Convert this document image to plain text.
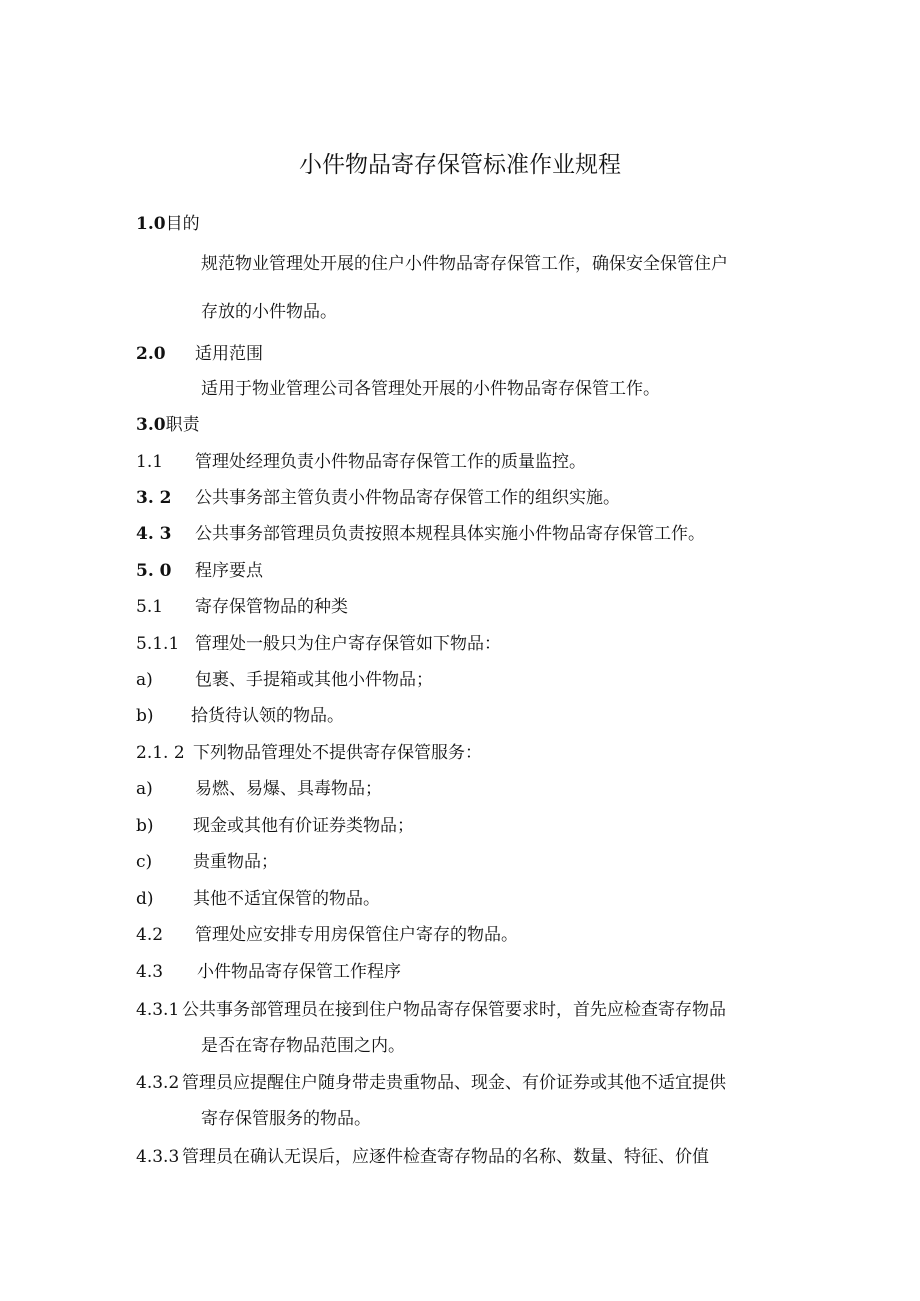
小件物品寄存保管标准作业规程
1.0目的
规范物业管理处开展的住户小件物品寄存保管工作，确保安全保管住户
存放的小件物品。
2.0 适用范围
适用于物业管理公司各管理处开展的小件物品寄存保管工作。
3.0职责
1.1 管理处经理负责小件物品寄存保管工作的质量监控。
3. 2 公共事务部主管负责小件物品寄存保管工作的组织实施。
4. 3 公共事务部管理员负责按照本规程具体实施小件物品寄存保管工作。
5. 0 程序要点
5.1 寄存保管物品的种类
5.1.1 管理处一般只为住户寄存保管如下物品：
a) 包裹、手提箱或其他小件物品；
b) 拾货待认领的物品。
2.1. 2 下列物品管理处不提供寄存保管服务：
a) 易燃、易爆、具毒物品；
b) 现金或其他有价证券类物品；
c) 贵重物品；
d) 其他不适宜保管的物品。
4.2 管理处应安排专用房保管住户寄存的物品。
4.3 小件物品寄存保管工作程序
4.3.1 公共事务部管理员在接到住户物品寄存保管要求时，首先应检查寄存物品
是否在寄存物品范围之内。
4.3.2 管理员应提醒住户随身带走贵重物品、现金、有价证券或其他不适宜提供
寄存保管服务的物品。
4.3.3 管理员在确认无误后，应逐件检查寄存物品的名称、数量、特征、价值
